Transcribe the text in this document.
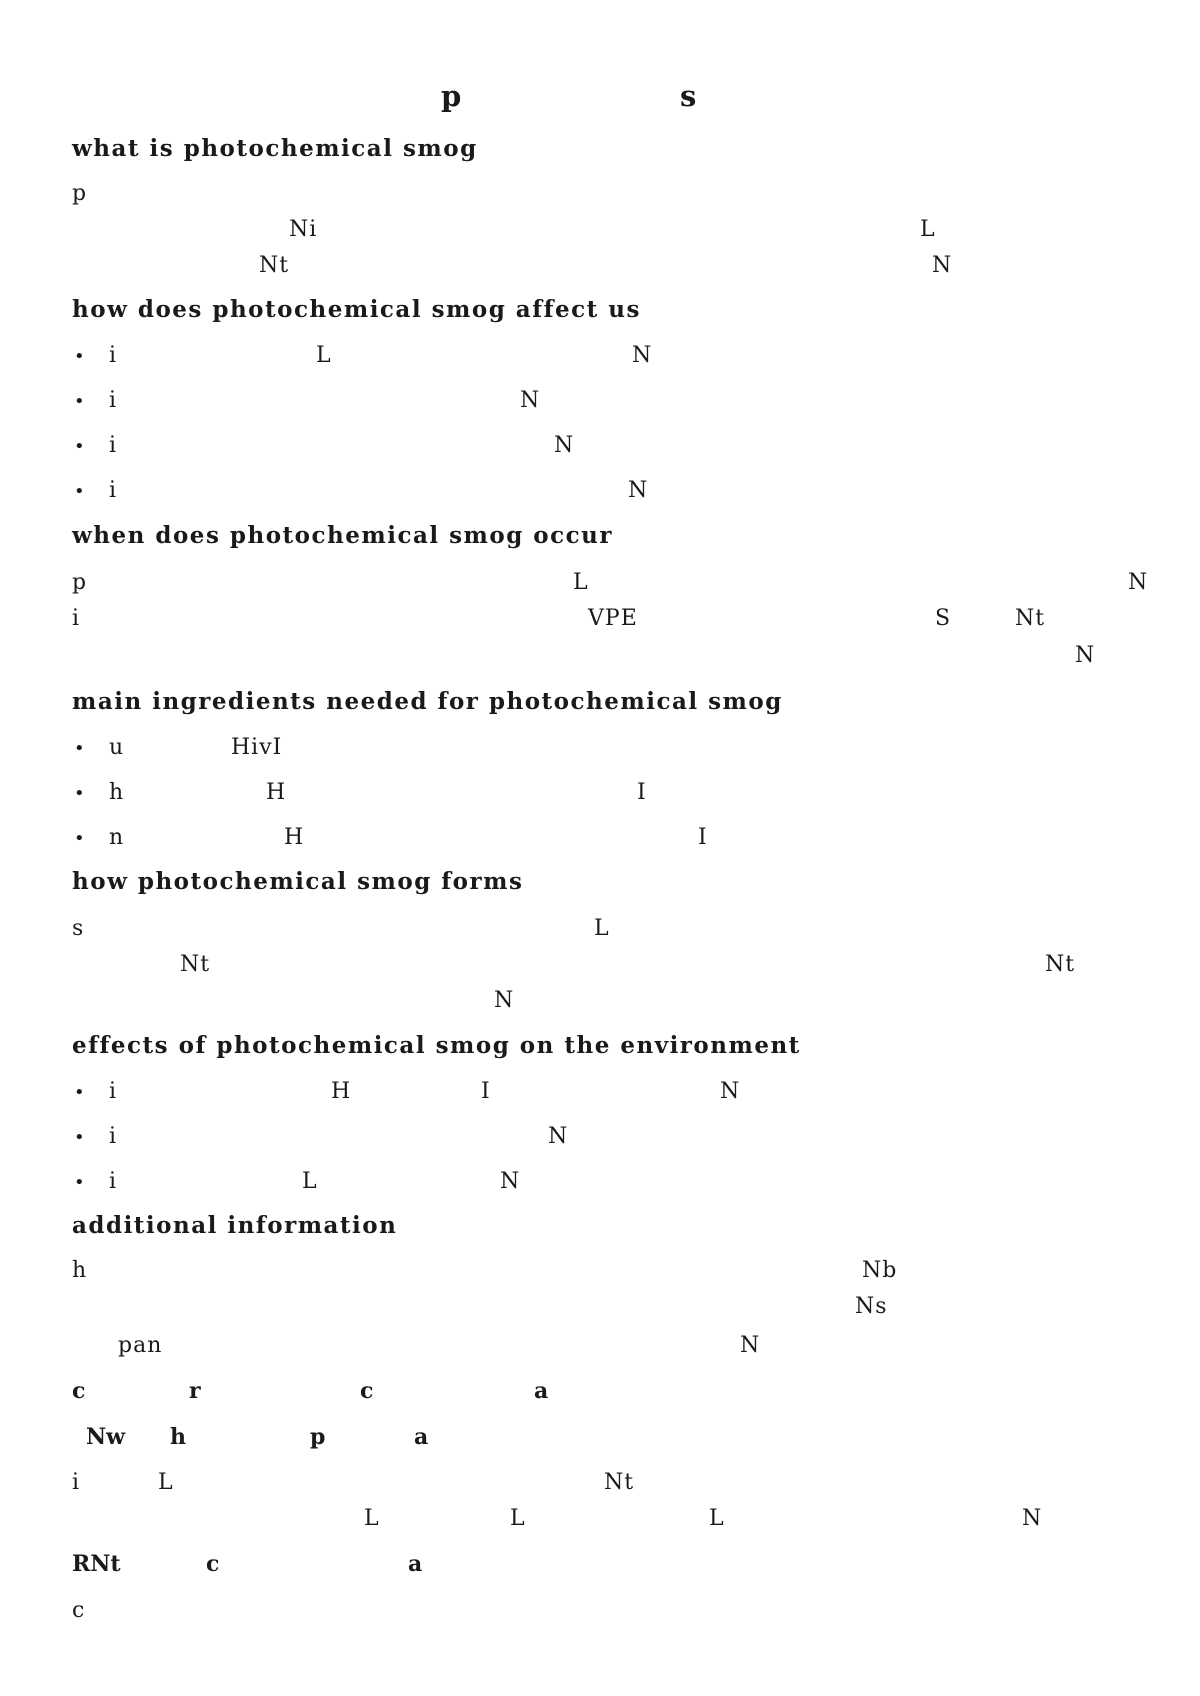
p	s
what is photochemical smog
p
Ni	L
Nt	N
how does photochemical smog affect us
• i	L	N
• i	N
• i	N
• i	N
when does photochemical smog occur
p	L	N
i	VPE	S	Nt
N
main ingredients needed for photochemical smog
• u	HivI
• h	H	I
• n	H	I
how photochemical smog forms
s	L
Nt	Nt
N
effects of photochemical smog on the environment
• i	H	I	N
• i	N
• i	L	N
additional information
h	Nb
Ns
pan	N
c	r	c	a
Nw h	p	a
i	L	Nt
L	L	L	N
RNt	c	a
c
